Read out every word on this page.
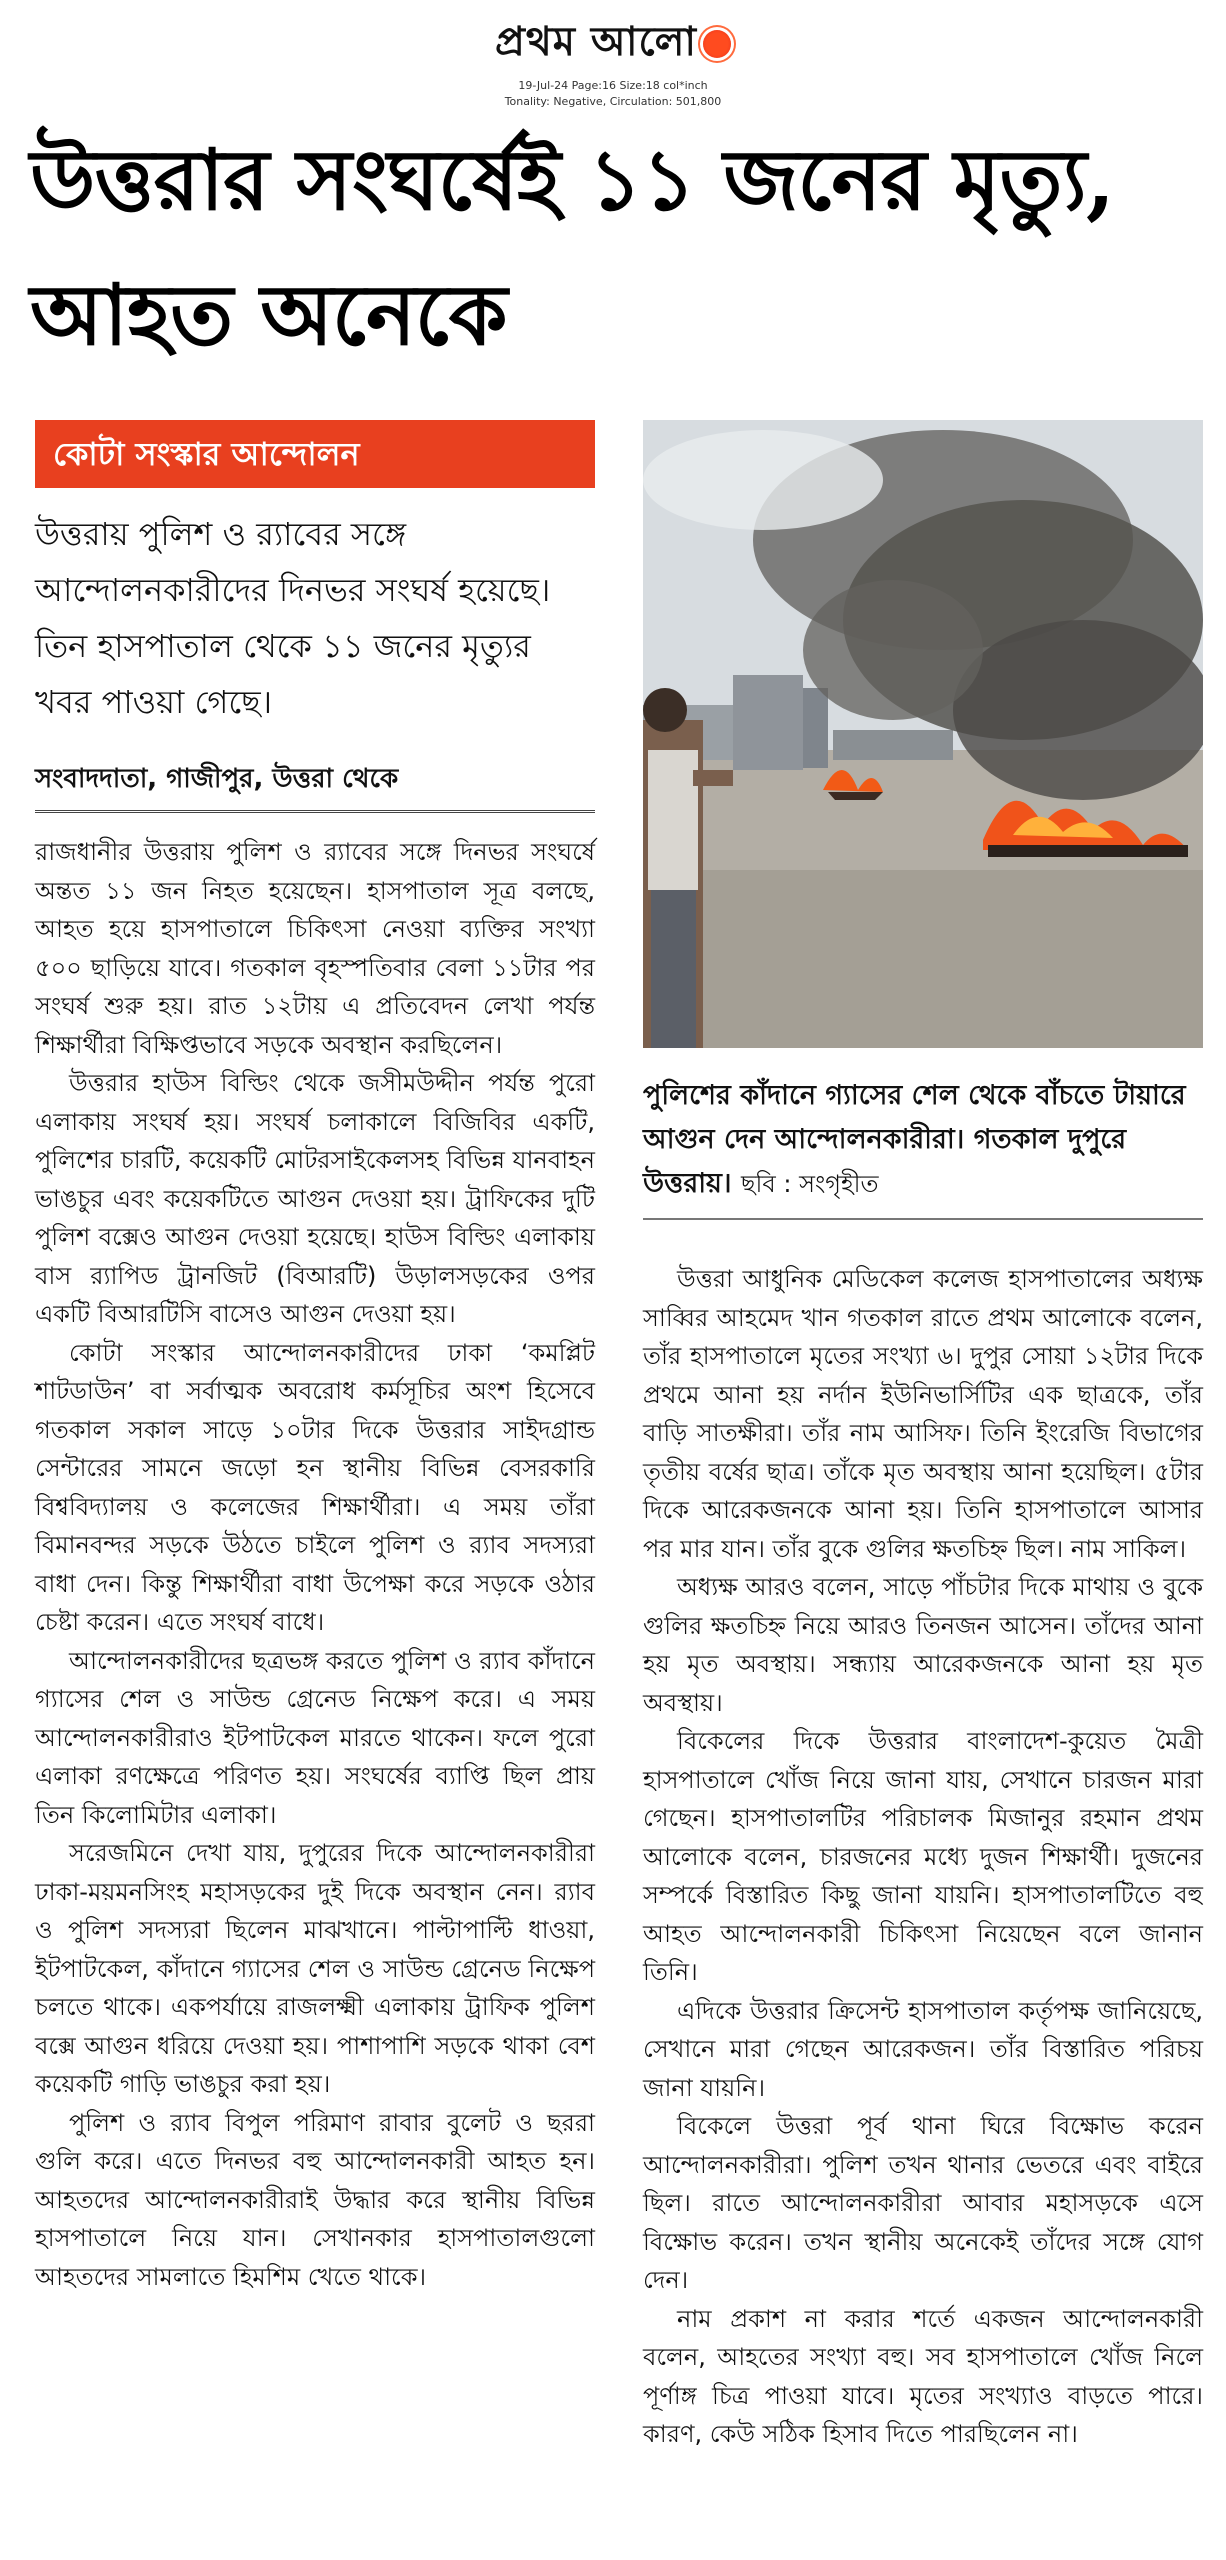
প্রথম আলো
19-Jul-24 Page:16 Size:18 col*inch
Tonality: Negative, Circulation: 501,800
উত্তরার সংঘর্ষেই ১১ জনের মৃত্যু, আহত অনেকে
কোটা সংস্কার আন্দোলন

উত্তরায় পুলিশ ও র‍্যাবের সঙ্গে আন্দোলনকারীদের দিনভর সংঘর্ষ হয়েছে। তিন হাসপাতাল থেকে ১১ জনের মৃত্যুর খবর পাওয়া গেছে।

সংবাদদাতা, গাজীপুর, উত্তরা থেকে

রাজধানীর উত্তরায় পুলিশ ও র‍্যাবের সঙ্গে দিনভর সংঘর্ষে অন্তত ১১ জন নিহত হয়েছেন। হাসপাতাল সূত্র বলছে, আহত হয়ে হাসপাতালে চিকিৎসা নেওয়া ব্যক্তির সংখ্যা ৫০০ ছাড়িয়ে যাবে। গতকাল বৃহস্পতিবার বেলা ১১টার পর সংঘর্ষ শুরু হয়। রাত ১২টায় এ প্রতিবেদন লেখা পর্যন্ত শিক্ষার্থীরা বিক্ষিপ্তভাবে সড়কে অবস্থান করছিলেন।

উত্তরার হাউস বিল্ডিং থেকে জসীমউদ্দীন পর্যন্ত পুরো এলাকায় সংঘর্ষ হয়। সংঘর্ষ চলাকালে বিজিবির একটি, পুলিশের চারটি, কয়েকটি মোটরসাইকেলসহ বিভিন্ন যানবাহন ভাঙচুর এবং কয়েকটিতে আগুন দেওয়া হয়। ট্রাফিকের দুটি পুলিশ বক্সেও আগুন দেওয়া হয়েছে। হাউস বিল্ডিং এলাকায় বাস র‍্যাপিড ট্রানজিট (বিআরটি) উড়ালসড়কের ওপর একটি বিআরটিসি বাসেও আগুন দেওয়া হয়।

কোটা সংস্কার আন্দোলনকারীদের ঢাকা ‘কমপ্লিট শাটডাউন’ বা সর্বাত্মক অবরোধ কর্মসূচির অংশ হিসেবে গতকাল সকাল সাড়ে ১০টার দিকে উত্তরার সাইদগ্রান্ড সেন্টারের সামনে জড়ো হন স্থানীয় বিভিন্ন বেসরকারি বিশ্ববিদ্যালয় ও কলেজের শিক্ষার্থীরা। এ সময় তাঁরা বিমানবন্দর সড়কে উঠতে চাইলে পুলিশ ও র‍্যাব সদস্যরা বাধা দেন। কিন্তু শিক্ষার্থীরা বাধা উপেক্ষা করে সড়কে ওঠার চেষ্টা করেন। এতে সংঘর্ষ বাধে।

আন্দোলনকারীদের ছত্রভঙ্গ করতে পুলিশ ও র‍্যাব কাঁদানে গ্যাসের শেল ও সাউন্ড গ্রেনেড নিক্ষেপ করে। এ সময় আন্দোলনকারীরাও ইটপাটকেল মারতে থাকেন। ফলে পুরো এলাকা রণক্ষেত্রে পরিণত হয়। সংঘর্ষের ব্যাপ্তি ছিল প্রায় তিন কিলোমিটার এলাকা।

সরেজমিনে দেখা যায়, দুপুরের দিকে আন্দোলনকারীরা ঢাকা-ময়মনসিংহ মহাসড়কের দুই দিকে অবস্থান নেন। র‍্যাব ও পুলিশ সদস্যরা ছিলেন মাঝখানে। পাল্টাপাল্টি ধাওয়া, ইটপাটকেল, কাঁদানে গ্যাসের শেল ও সাউন্ড গ্রেনেড নিক্ষেপ চলতে থাকে। একপর্যায়ে রাজলক্ষ্মী এলাকায় ট্রাফিক পুলিশ বক্সে আগুন ধরিয়ে দেওয়া হয়। পাশাপাশি সড়কে থাকা বেশ কয়েকটি গাড়ি ভাঙচুর করা হয়।

পুলিশ ও র‍্যাব বিপুল পরিমাণ রাবার বুলেট ও ছররা গুলি করে। এতে দিনভর বহু আন্দোলনকারী আহত হন। আহতদের আন্দোলনকারীরাই উদ্ধার করে স্থানীয় বিভিন্ন হাসপাতালে নিয়ে যান। সেখানকার হাসপাতালগুলো আহতদের সামলাতে হিমশিম খেতে থাকে।

পুলিশের কাঁদানে গ্যাসের শেল থেকে বাঁচতে টায়ারে আগুন দেন আন্দোলনকারীরা। গতকাল দুপুরে উত্তরায়। ছবি : সংগৃহীত

উত্তরা আধুনিক মেডিকেল কলেজ হাসপাতালের অধ্যক্ষ সাব্বির আহমেদ খান গতকাল রাতে প্রথম আলোকে বলেন, তাঁর হাসপাতালে মৃতের সংখ্যা ৬। দুপুর সোয়া ১২টার দিকে প্রথমে আনা হয় নর্দান ইউনিভার্সিটির এক ছাত্রকে, তাঁর বাড়ি সাতক্ষীরা। তাঁর নাম আসিফ। তিনি ইংরেজি বিভাগের তৃতীয় বর্ষের ছাত্র। তাঁকে মৃত অবস্থায় আনা হয়েছিল। ৫টার দিকে আরেকজনকে আনা হয়। তিনি হাসপাতালে আসার পর মার যান। তাঁর বুকে গুলির ক্ষতচিহ্ন ছিল। নাম সাকিল।

অধ্যক্ষ আরও বলেন, সাড়ে পাঁচটার দিকে মাথায় ও বুকে গুলির ক্ষতচিহ্ন নিয়ে আরও তিনজন আসেন। তাঁদের আনা হয় মৃত অবস্থায়। সন্ধ্যায় আরেকজনকে আনা হয় মৃত অবস্থায়।

বিকেলের দিকে উত্তরার বাংলাদেশ-কুয়েত মৈত্রী হাসপাতালে খোঁজ নিয়ে জানা যায়, সেখানে চারজন মারা গেছেন। হাসপাতালটির পরিচালক মিজানুর রহমান প্রথম আলোকে বলেন, চারজনের মধ্যে দুজন শিক্ষার্থী। দুজনের সম্পর্কে বিস্তারিত কিছু জানা যায়নি। হাসপাতালটিতে বহু আহত আন্দোলনকারী চিকিৎসা নিয়েছেন বলে জানান তিনি।

এদিকে উত্তরার ক্রিসেন্ট হাসপাতাল কর্তৃপক্ষ জানিয়েছে, সেখানে মারা গেছেন আরেকজন। তাঁর বিস্তারিত পরিচয় জানা যায়নি।

বিকেলে উত্তরা পূর্ব থানা ঘিরে বিক্ষোভ করেন আন্দোলনকারীরা। পুলিশ তখন থানার ভেতরে এবং বাইরে ছিল। রাতে আন্দোলনকারীরা আবার মহাসড়কে এসে বিক্ষোভ করেন। তখন স্থানীয় অনেকেই তাঁদের সঙ্গে যোগ দেন।

নাম প্রকাশ না করার শর্তে একজন আন্দোলনকারী বলেন, আহতের সংখ্যা বহু। সব হাসপাতালে খোঁজ নিলে পূর্ণাঙ্গ চিত্র পাওয়া যাবে। মৃতের সংখ্যাও বাড়তে পারে। কারণ, কেউ সঠিক হিসাব দিতে পারছিলেন না।
